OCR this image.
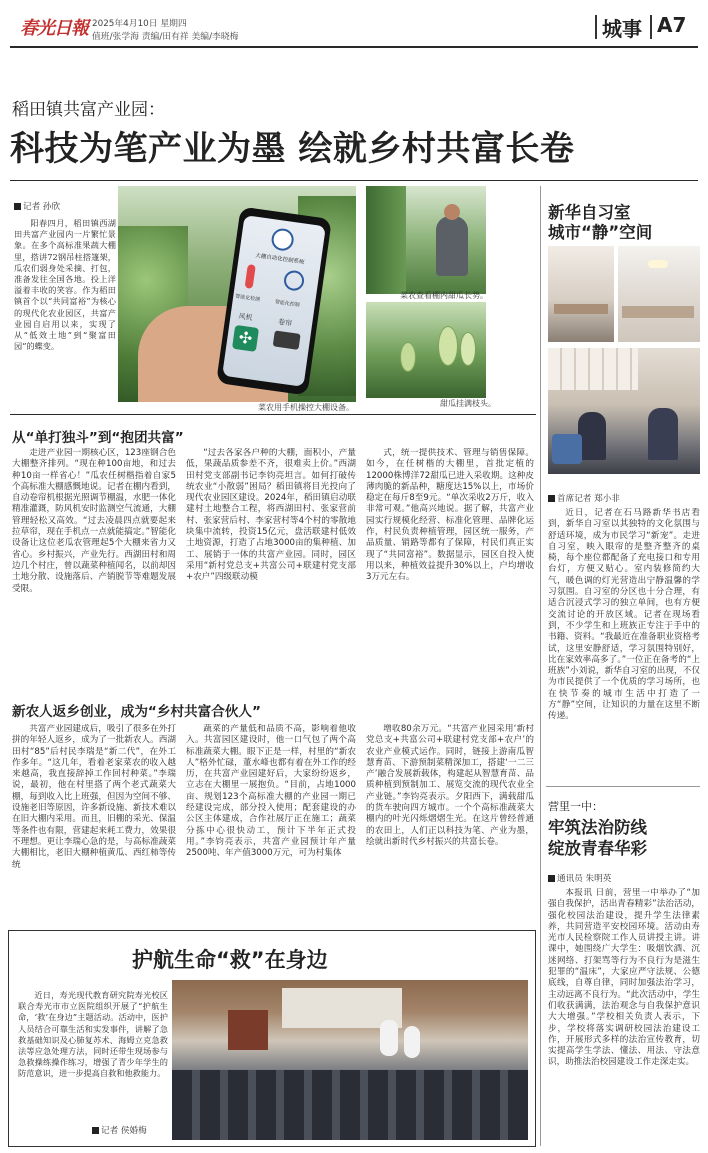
春光日報 2025年4月10日 星期四
值班/张学海 责编/田有祥 美编/李晓梅	城事 A7
稻田镇共富产业园：
科技为笔产业为墨 绘就乡村共富长卷
记者 孙欣
阳春四月，稻田镇西湖田共富产业园内一片繁忙景象。在多个高标准果蔬大棚里，搭讲72钢吊柱搭篷架，瓜农们弱身处采摘、打包，准备发往全国各地。投上洋溢着丰收的笑容。作为稻田镇首个以“共同富裕”为核心的现代化农业园区，共富产业园自启用以来，实现了从“低效土地”到“聚富田园”的蝶变。
大棚自动化控制系统
智能化检测
智能化控制
风机
卷帘
✣
菜农用手机操控大棚设备。
菜农查看棚内甜瓜长势。
甜瓜挂满枝头。
从“单打独斗”到“抱团共富”

走进产业园一期核心区，123座钢合色大棚整齐排列。“现在种100亩地，和过去种10亩一样省心！”瓜农任树楷指着自家5个高标准大棚感慨地说。记者在棚内看到，自动卷帘机根据光照调节棚温，水肥一体化精准灌溉，防风机安时监测空气流通，大棚管理轻松又高效。“过去凌晨四点就要起来拉草帘，现在手机点一点就能搞定。”智能化设备让这位老瓜农管理起5个大棚来省力又省心。乡村振兴，产业先行。西湖田村和周边几个村庄，曾以蔬菜种植闻名，以前却因土地分散、设施落后、产销脱节等难题发展受限。

“过去各家各户种的大棚，面积小，产量低，果蔬品质参差不齐，很难卖上价。”西湖田村党支部副书记李钧亮坦言。如何打破传统农业“小散弱”困局？稻田镇将目光投向了现代农业园区建设。2024年，稻田镇启动联建村土地整合工程，将西湖田村、张家营前村、张家营后村、李家营村等4个村的零散地块集中流转，投资15亿元，盘活联建村低效土地资源，打造了占地3000亩的集种植、加工、展销于一体的共富产业园。同时，园区采用“新村党总支+共富公司+联建村党支部+农户”四级联动模

式，统一提供技术、管理与销售保障。如今，在任树楷的大棚里，首批定植的12000株博洋72甜瓜已进入采收期。这种皮薄肉脆的新品种，糖度达15%以上，市场价稳定在每斤8至9元。“单次采收2万斤，收入非常可观。”他高兴地说。据了解，共富产业园实行规模化经营、标准化管理、品牌化运作，村民负责种植管理，园区统一服务，产品质量、销路等都有了保障，村民们真正实现了“共同富裕”。数据显示，园区自投入使用以来，种植效益提升30%以上，户均增收3万元左右。

新农人返乡创业，成为“乡村共富合伙人”

共富产业园建成后，吸引了很多在外打拼的年轻人返乡，成为了一批新农人。西湖田村“85”后村民李瑞是“新二代”，在外工作多年。“这几年，看着老家菜农的收入越来越高，我直接辞掉工作回村种菜。”李瑞说，最初，他在村里搭了两个老式蔬菜大棚，每到收入比上班强，但因为空间不够、设施老旧等原因，许多新设施、新技术难以在旧大棚内采用。而且，旧棚的采光、保温等条件也有限，营建起来耗工费力，效果很不理想。更让李瑞心急的是，与高标准蔬菜大棚相比，老旧大棚种植黄瓜、西红柿等传统

蔬菜的产量低和品质不高，影响着他收入。共富园区建设时，他一口气包了两个高标准蔬菜大棚。眼下正是一样，村里的“新农人”格外忙碌，董水峰也都有着在外工作的经历，在共富产业园建好后，大家纷纷返乡，立志在大棚里一展抱负。“目前，占地1000亩、规划123个高标准大棚的产业园一期已经建设完成，部分投入使用；配套建设的办公区主体建成，合作社展厅正在施工；蔬菜分拣中心很快动工，预计下半年正式投用。”李钧亮表示，共富产业园预计年产量2500吨、年产值3000万元，可为村集体

增收80余万元。“共富产业园采用‘新村党总支+共富公司+联建村党支部+农户’的农业产业模式运作。同时，链接上游南瓜智慧育苗、下游预制菜精深加工，搭建‘一二三产’融合发展新载体，构建起从智慧育苗、品质种植到预制加工、展览交流的现代农业全产业链。”李钧亮表示。夕阳西下，满载甜瓜的货车驶向四方城市。一个个高标准蔬菜大棚内的叶光闪烁熠熠生光。在这片曾经普通的农田上，人们正以科技为笔、产业为墨，绘就出新时代乡村振兴的共富长卷。

护航生命“救”在身边
近日，寿光现代教育研究院寿光校区联合寿光市市立医院组织开展了“护航生命，‘救’在身边”主题活动。活动中，医护人员结合可靠生活和实发事件，讲解了急救基础知识及心肺复苏术、海姆立克急救法等应急处理方法，同时还带生现场参与急救操练操作练习，增强了青少年学生的防范意识，进一步提高自救和他救能力。
记者 侯婚梅
新华自习室
城市“静”空间
首席记者 郑小非

近日，记者在石马路新华书店看到，新华自习室以其独特的文化氛围与舒适环境，成为市民学习“新宠”。走进自习室，映入眼帘的是整齐整齐的桌椅，每个座位都配备了充电接口和专用台灯，方便又贴心。室内装修简约大气，暖色调的灯光营造出宁静温馨的学习氛围。自习室的分区也十分合理，有适合沉浸式学习的独立单间，也有方便交流讨论的开放区域。记者在现场看到，不少学生和上班族正专注于手中的书籍、资料。“我最近在准备职业资格考试，这里安静舒适，学习氛围特别好，比在家效率高多了。”一位正在备考的“上班族”小刘说，新华自习室的出现，不仅为市民提供了一个优质的学习场所，也在快节奏的城市生活中打造了一方“静”空间，让知识的力量在这里不断传递。

营里一中：
牢筑法治防线
绽放青春华彩
通讯员 朱明英

本报讯 日前，营里一中举办了“加强自我保护，活出青春精彩”法治活动，强化校园法治建设，提升学生法律素养，共同营造平安校园环境。活动由寿光市人民检察院工作人员讲授主讲。讲课中，她围绕广大学生：吸烟饮酒、沉迷网络、打架骂等行为不良行为是滋生犯罪的“温床”，大家应严守法规、公德底线，自尊自律，同时加强法治学习，主动远离不良行为。“此次活动中，学生们收获满满，法治观念与自我保护意识大大增强。”学校相关负责人表示，下步，学校将落实调研校园法治建设工作，开展形式多样的法治宣传教育，切实提高学生学法、懂法、用法、守法意识，助推法治校园建设工作走深走实。
